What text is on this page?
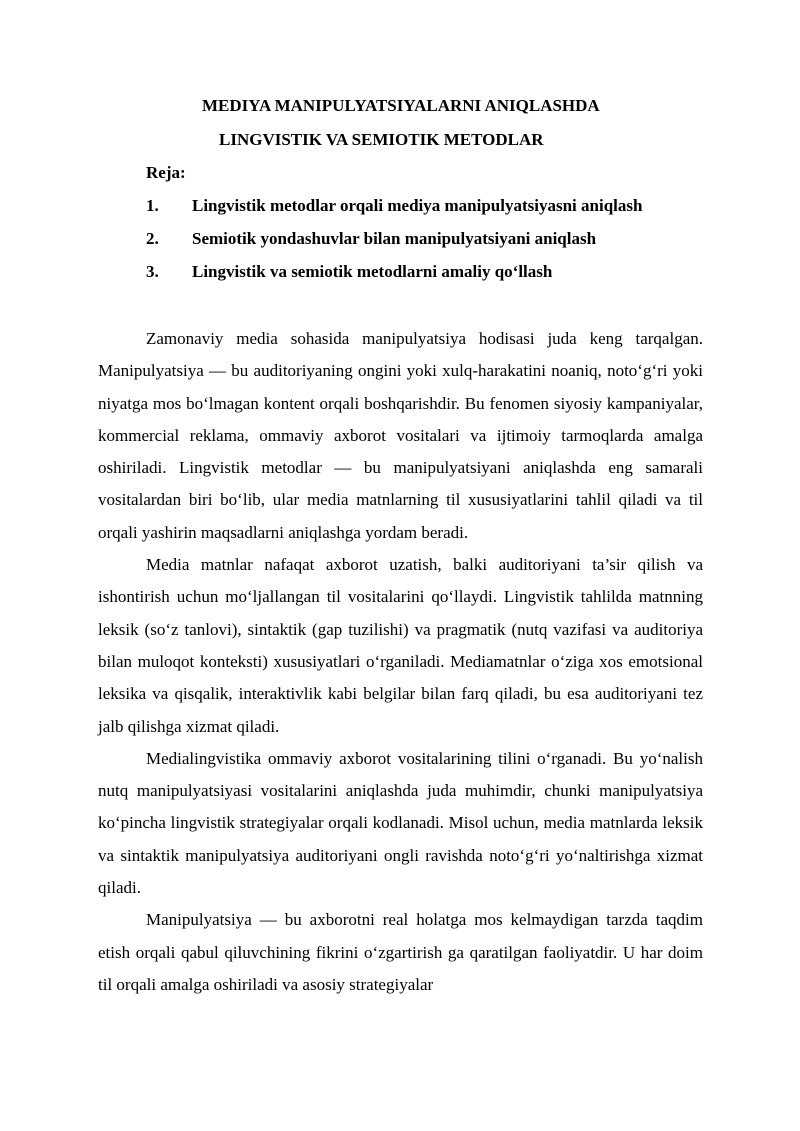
MEDIYA MANIPULYATSIYALARNI ANIQLASHDA
LINGVISTIK VA SEMIOTIK METODLAR
Reja:
1. Lingvistik metodlar orqali mediya manipulyatsiyasni aniqlash
2. Semiotik yondashuvlar bilan manipulyatsiyani aniqlash
3. Lingvistik va semiotik metodlarni amaliy qo‘llash

Zamonaviy media sohasida manipulyatsiya hodisasi juda keng tarqalgan. Manipulyatsiya — bu auditoriyaning ongini yoki xulq-harakatini noaniq, noto‘g‘ri yoki niyatga mos bo‘lmagan kontent orqali boshqarishdir. Bu fenomen siyosiy kampaniyalar, kommercial reklama, ommaviy axborot vositalari va ijtimoiy tarmoqlarda amalga oshiriladi. Lingvistik metodlar — bu manipulyatsiyani aniqlashda eng samarali vositalardan biri bo‘lib, ular media matnlarning til xususiyatlarini tahlil qiladi va til orqali yashirin maqsadlarni aniqlashga yordam beradi.

Media matnlar nafaqat axborot uzatish, balki auditoriyani ta’sir qilish va ishontirish uchun mo‘ljallangan til vositalarini qo‘llaydi. Lingvistik tahlilda matnning leksik (so‘z tanlovi), sintaktik (gap tuzilishi) va pragmatik (nutq vazifasi va auditoriya bilan muloqot konteksti) xususiyatlari o‘rganiladi. Mediamatnlar o‘ziga xos emotsional leksika va qisqalik, interaktivlik kabi belgilar bilan farq qiladi, bu esa auditoriyani tez jalb qilishga xizmat qiladi.

Medialingvistika ommaviy axborot vositalarining tilini o‘rganadi. Bu yo‘nalish nutq manipulyatsiyasi vositalarini aniqlashda juda muhimdir, chunki manipulyatsiya ko‘pincha lingvistik strategiyalar orqali kodlanadi. Misol uchun, media matnlarda leksik va sintaktik manipulyatsiya auditoriyani ongli ravishda noto‘g‘ri yo‘naltirishga xizmat qiladi.

Manipulyatsiya — bu axborotni real holatga mos kelmaydigan tarzda taqdim etish orqali qabul qiluvchining fikrini o‘zgartirish ga qaratilgan faoliyatdir. U har doim til orqali amalga oshiriladi va asosiy strategiyalar
